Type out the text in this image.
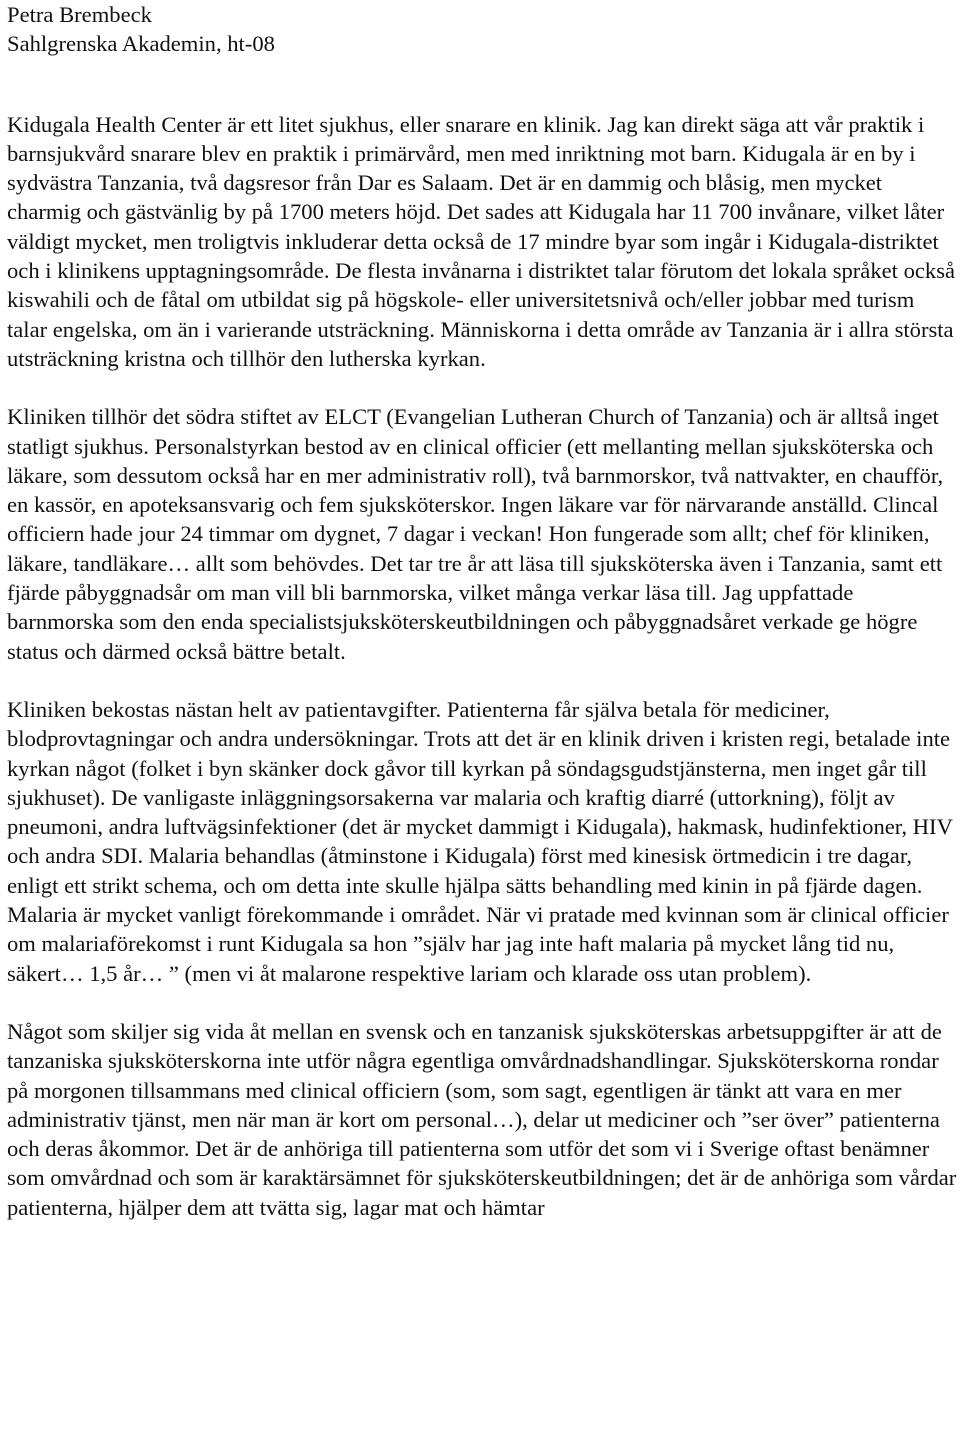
Petra Brembeck
Sahlgrenska Akademin, ht-08

Kidugala Health Center är ett litet sjukhus, eller snarare en klinik. Jag kan direkt säga att vår praktik i barnsjukvård snarare blev en praktik i primärvård, men med inriktning mot barn. Kidugala är en by i sydvästra Tanzania, två dagsresor från Dar es Salaam. Det är en dammig och blåsig, men mycket charmig och gästvänlig by på 1700 meters höjd. Det sades att Kidugala har 11 700 invånare, vilket låter väldigt mycket, men troligtvis inkluderar detta också de 17 mindre byar som ingår i Kidugala-distriktet och i klinikens upptagningsområde. De flesta invånarna i distriktet talar förutom det lokala språket också kiswahili och de fåtal om utbildat sig på högskole- eller universitetsnivå och/eller jobbar med turism talar engelska, om än i varierande utsträckning. Människorna i detta område av Tanzania är i allra största utsträckning kristna och tillhör den lutherska kyrkan.

Kliniken tillhör det södra stiftet av ELCT (Evangelian Lutheran Church of Tanzania) och är alltså inget statligt sjukhus. Personalstyrkan bestod av en clinical officier (ett mellanting mellan sjuksköterska och läkare, som dessutom också har en mer administrativ roll), två barnmorskor, två nattvakter, en chaufför, en kassör, en apoteksansvarig och fem sjuksköterskor. Ingen läkare var för närvarande anställd. Clincal officiern hade jour 24 timmar om dygnet, 7 dagar i veckan! Hon fungerade som allt; chef för kliniken, läkare, tandläkare… allt som behövdes. Det tar tre år att läsa till sjuksköterska även i Tanzania, samt ett fjärde påbyggnadsår om man vill bli barnmorska, vilket många verkar läsa till. Jag uppfattade barnmorska som den enda specialistsjuksköterskeutbildningen och påbyggnadsåret verkade ge högre status och därmed också bättre betalt.

Kliniken bekostas nästan helt av patientavgifter. Patienterna får själva betala för mediciner, blodprovtagningar och andra undersökningar. Trots att det är en klinik driven i kristen regi, betalade inte kyrkan något (folket i byn skänker dock gåvor till kyrkan på söndagsgudstjänsterna, men inget går till sjukhuset). De vanligaste inläggningsorsakerna var malaria och kraftig diarré (uttorkning), följt av pneumoni, andra luftvägsinfektioner (det är mycket dammigt i Kidugala), hakmask, hudinfektioner, HIV och andra SDI. Malaria behandlas (åtminstone i Kidugala) först med kinesisk örtmedicin i tre dagar, enligt ett strikt schema, och om detta inte skulle hjälpa sätts behandling med kinin in på fjärde dagen. Malaria är mycket vanligt förekommande i området. När vi pratade med kvinnan som är clinical officier om malariaförekomst i runt Kidugala sa hon ”själv har jag inte haft malaria på mycket lång tid nu, säkert… 1,5 år… ” (men vi åt malarone respektive lariam och klarade oss utan problem).

Något som skiljer sig vida åt mellan en svensk och en tanzanisk sjuksköterskas arbetsuppgifter är att de tanzaniska sjuksköterskorna inte utför några egentliga omvårdnadshandlingar. Sjuksköterskorna rondar på morgonen tillsammans med clinical officiern (som, som sagt, egentligen är tänkt att vara en mer administrativ tjänst, men när man är kort om personal…), delar ut mediciner och ”ser över” patienterna och deras åkommor. Det är de anhöriga till patienterna som utför det som vi i Sverige oftast benämner som omvårdnad och som är karaktärsämnet för sjuksköterskeutbildningen; det är de anhöriga som vårdar patienterna, hjälper dem att tvätta sig, lagar mat och hämtar
